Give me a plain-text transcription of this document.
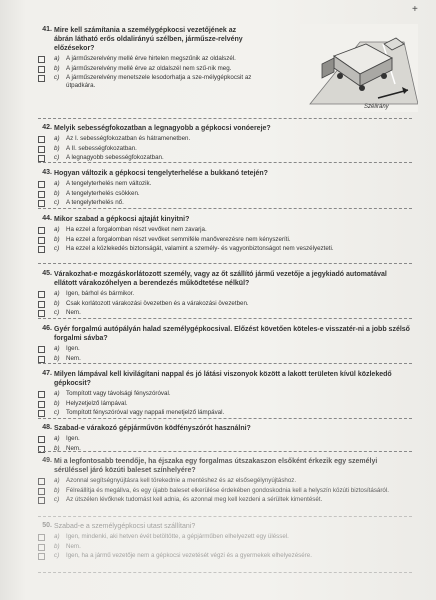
+
41. Mire kell számítania a személygépkocsi vezetőjének az ábrán látható erős oldalirányú szélben, járműsze-relvény előzésekor?
a) A járműszerelvény mellé érve hirtelen megszűnik az oldalszél.
b) A járműszerelvény mellé érve az oldalszél nem szű-nik meg.
c) A járműszerelvény menetszele lesodorhatja a sze-mélygépkocsit az útpadkára.
Szélirány
42. Melyik sebességfokozatban a legnagyobb a gépkocsi vonóereje?
a) Az I. sebességfokozatban és hátramenetben.
b) A II. sebességfokozatban.
c) A legnagyobb sebességfokozatban.
43. Hogyan változik a gépkocsi tengelyterhelése a bukkanó tetején?
a) A tengelyterhelés nem változik.
b) A tengelyterhelés csökken.
c) A tengelyterhelés nő.
44. Mikor szabad a gépkocsi ajtaját kinyitni?
a) Ha ezzel a forgalomban részt vevőket nem zavarja.
b) Ha ezzel a forgalomban részt vevőket semmiféle manőverezésre nem kényszeríti.
c) Ha ezzel a közlekedés biztonságát, valamint a személy- és vagyonbiztonságot nem veszélyezteti.
45. Várakozhat-e mozgáskorlátozott személy, vagy az őt szállító jármű vezetője a jegykiadó automatával ellátott várakozóhelyen a berendezés működtetése nélkül?
a) Igen, bárhol és bármikor.
b) Csak korlátozott várakozási övezetben és a várakozási övezetben.
c) Nem.
46. Gyér forgalmú autópályán halad személygépkocsival. Előzést követően köteles-e visszatér-ni a jobb szélső forgalmi sávba?
a) Igen.
b) Nem.
47. Milyen lámpával kell kivilágítani nappal és jó látási viszonyok között a lakott területen kívül közlekedő gépkocsit?
a) Tompított vagy távolsági fényszóróval.
b) Helyzetjelző lámpával.
c) Tompított fényszóróval vagy nappali menetjelző lámpával.
48. Szabad-e várakozó gépjárművön ködfényszórót használni?
a) Igen.
b) Nem.
49. Mi a legfontosabb teendője, ha éjszaka egy forgalmas útszakaszon elsőként érkezik egy személyi sérüléssel járó közúti baleset színhelyére?
a) Azonnal segítségnyújtásra kell törekednie a mentéshez és az elsősegélynyújtáshoz.
b) Félreállítja és megállva, és egy újabb baleset elkerülése érdekében gondoskodnia kell a helyszín közúti biztosításáról.
c) Az útszélen lévőknek tudomást kell adnia, és azonnal meg kell kezdeni a sérültek kimentését.
50. Szabad-e a személygépkocsi utast szállítani?
a) Igen, mindenki, aki hetven évét betöltötte, a gépjárműben elhelyezett egy üléssel.
b) Nem.
c) Igen, ha a jármű vezetője nem a gépkocsi vezetését végzi és a gyermekek elhelyezésére.
